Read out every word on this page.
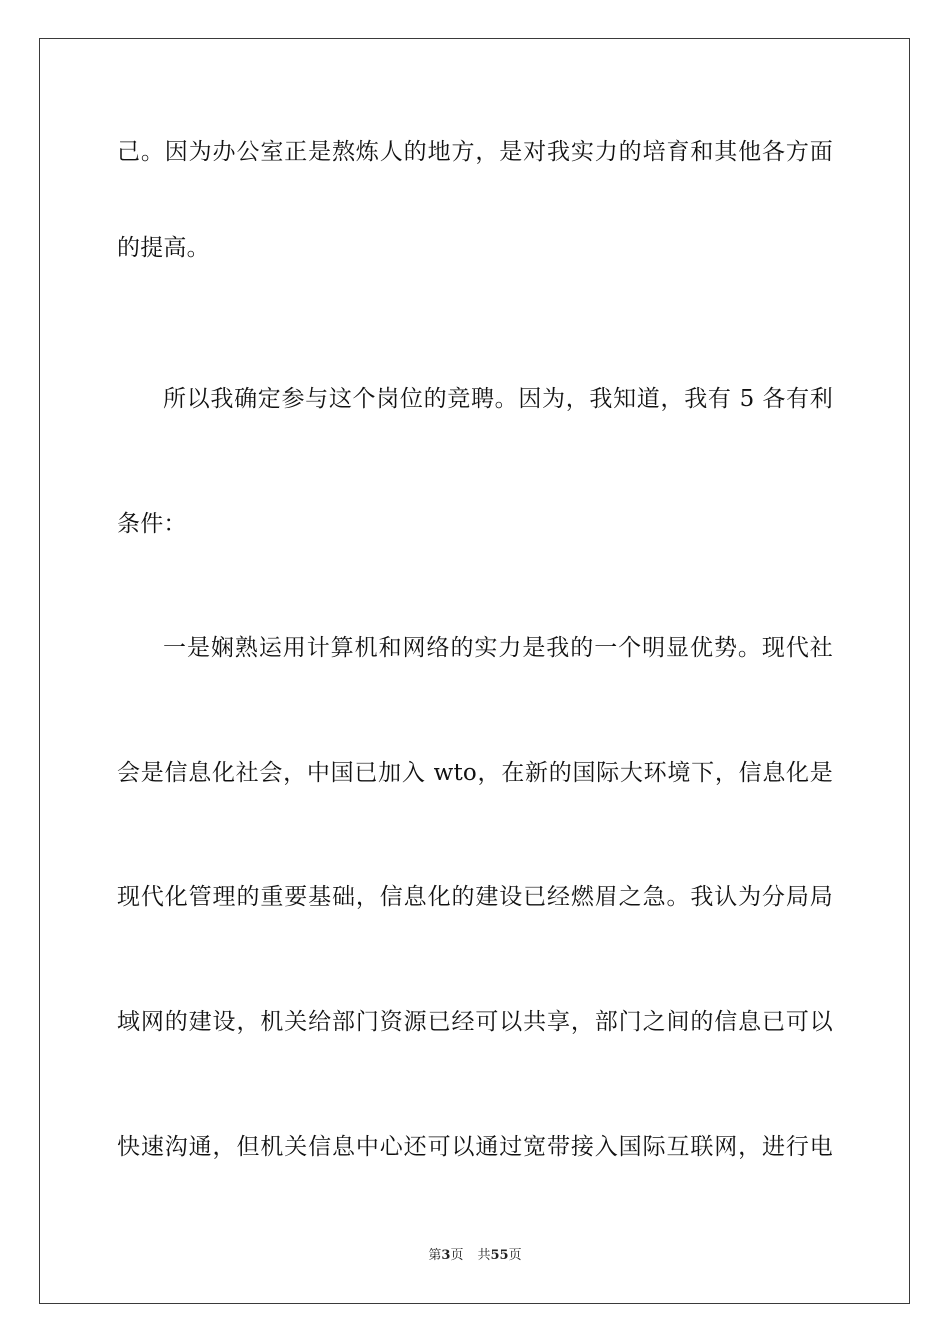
己。因为办公室正是熬炼人的地方，是对我实力的培育和其他各方面
的提高。
所以我确定参与这个岗位的竞聘。因为，我知道，我有 5 各有利
条件：
一是娴熟运用计算机和网络的实力是我的一个明显优势。现代社
会是信息化社会，中国已加入 wto，在新的国际大环境下，信息化是
现代化管理的重要基础，信息化的建设已经燃眉之急。我认为分局局
域网的建设，机关给部门资源已经可以共享，部门之间的信息已可以
快速沟通，但机关信息中心还可以通过宽带接入国际互联网，进行电
第3页 共55页
